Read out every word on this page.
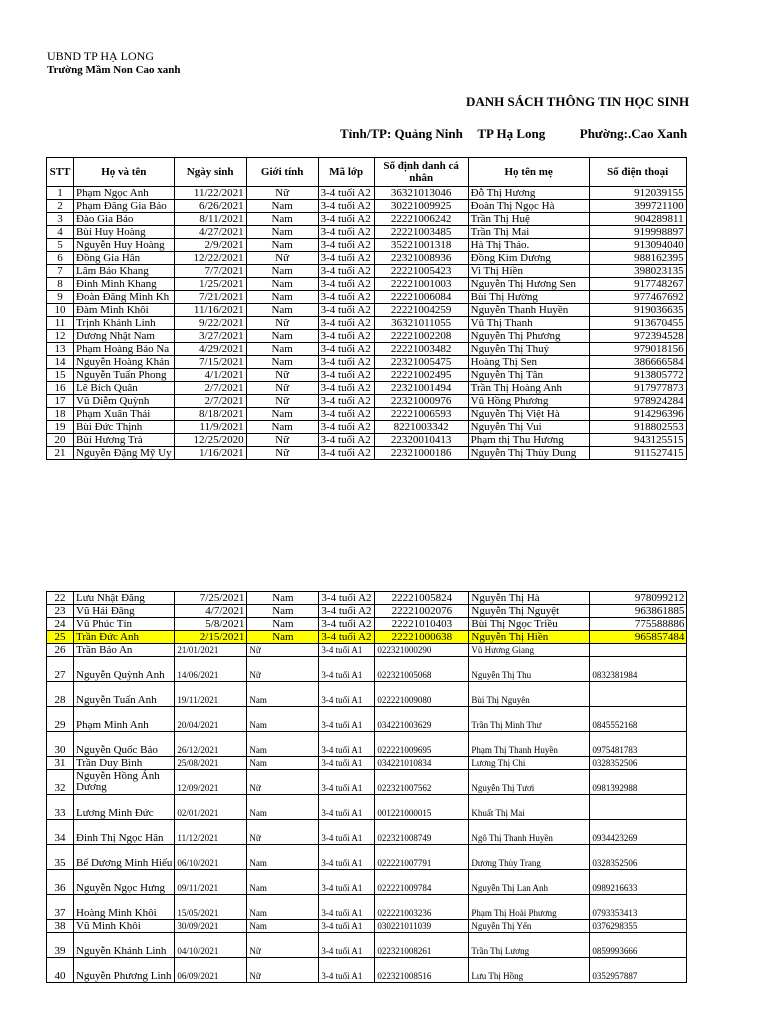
UBND TP HẠ LONG
Trường Mầm Non Cao xanh
DANH SÁCH THÔNG TIN HỌC SINH
Tỉnh/TP: Quảng Ninh TP Hạ Long	Phường:.Cao Xanh
STT	Họ và tên	Ngày sinh	Giới tính	Mã lớp	Số định danh cá nhân	Họ tên mẹ	Số điện thoại
1	Phạm Ngọc Anh	11/22/2021	Nữ	3-4 tuổi A2	36321013046	Đỗ Thị Hương	912039155
2	Phạm Đăng Gia Bảo	6/26/2021	Nam	3-4 tuổi A2	30221009925	Đoàn Thị Ngọc Hà	399721100
3	Đào Gia Bảo	8/11/2021	Nam	3-4 tuổi A2	22221006242	Trần Thị Huệ	904289811
4	Bùi Huy Hoàng	4/27/2021	Nam	3-4 tuổi A2	22221003485	Trần Thị Mai	919998897
5	Nguyễn Huy Hoàng	2/9/2021	Nam	3-4 tuổi A2	35221001318	Hà Thị Thảo.	913094040
6	Đồng Gia Hân	12/22/2021	Nữ	3-4 tuổi A2	22321008936	Đồng Kim Dương	988162395
7	Lâm Bảo Khang	7/7/2021	Nam	3-4 tuổi A2	22221005423	Vi Thị Hiền	398023135
8	Đinh Minh Khang	1/25/2021	Nam	3-4 tuổi A2	22221001003	Nguyễn Thị Hương Sen	917748267
9	Đoàn Đăng Minh Kh	7/21/2021	Nam	3-4 tuổi A2	22221006084	Bùi Thị Hường	977467692
10	Đàm Minh Khôi	11/16/2021	Nam	3-4 tuổi A2	22221004259	Nguyễn Thanh Huyền	919036635
11	Trịnh Khánh Linh	9/22/2021	Nữ	3-4 tuổi A2	36321011055	Vũ Thị Thanh	913670455
12	Dương Nhật Nam	3/27/2021	Nam	3-4 tuổi A2	22221002208	Nguyễn Thị Phương	972394528
13	Phạm Hoàng Bảo Na	4/29/2021	Nam	3-4 tuổi A2	22221003482	Nguyễn Thị Thuỷ	979018156
14	Nguyễn Hoàng Khán	7/15/2021	Nam	3-4 tuổi A2	22321005475	Hoàng Thị Sen	386666584
15	Nguyễn Tuấn Phong	4/1/2021	Nữ	3-4 tuổi A2	22221002495	Nguyễn Thị Tân	913805772
16	Lê Bích Quân	2/7/2021	Nữ	3-4 tuổi A2	22321001494	Trần Thị Hoàng Anh	917977873
17	Vũ Diễm Quỳnh	2/7/2021	Nữ	3-4 tuổi A2	22321000976	Vũ Hồng Phương	978924284
18	Phạm Xuân Thái	8/18/2021	Nam	3-4 tuổi A2	22221006593	Nguyễn Thị Việt Hà	914296396
19	Bùi Đức Thịnh	11/9/2021	Nam	3-4 tuổi A2	8221003342	Nguyễn Thị Vui	918802553
20	Bùi Hương Trà	12/25/2020	Nữ	3-4 tuổi A2	22320010413	Phạm thị Thu Hương	943125515
21	Nguyễn Đặng Mỹ Uy	1/16/2021	Nữ	3-4 tuổi A2	22321000186	Nguyễn Thị Thùy Dung	911527415
22	Lưu Nhật Đăng	7/25/2021	Nam	3-4 tuổi A2	22221005824	Nguyễn Thị Hà	978099212
23	Vũ Hải Đăng	4/7/2021	Nam	3-4 tuổi A2	22221002076	Nguyễn Thị Nguyệt	963861885
24	Vũ Phúc Tín	5/8/2021	Nam	3-4 tuổi A2	22221010403	Bùi Thị Ngọc Triều	775588886
25	Trần Đức Anh	2/15/2021	Nam	3-4 tuổi A2	22221000638	Nguyễn Thị Hiền	965857484
26	Trần Bảo An	21/01/2021	Nữ	3-4 tuổi A1	022321000290	Vũ Hương Giang	
27	Nguyễn Quỳnh Anh	14/06/2021	Nữ	3-4 tuổi A1	022321005068	Nguyễn Thị Thu	0832381984
28	Nguyễn Tuấn Anh	19/11/2021	Nam	3-4 tuổi A1	022221009080	Bùi Thị Nguyên	
29	Phạm Minh Anh	20/04/2021	Nam	3-4 tuổi A1	034221003629	Trần Thị Minh Thư	0845552168
30	Nguyễn Quốc Bảo	26/12/2021	Nam	3-4 tuổi A1	022221009695	Phạm Thị Thanh Huyền	0975481783
31	Trần Duy Bình	25/08/2021	Nam	3-4 tuổi A1	034221010834	Lương Thị Chi	0328352506
32	Nguyễn Hồng Ánh Dương	12/09/2021	Nữ	3-4 tuổi A1	022321007562	Nguyễn Thị Tươi	0981392988
33	Lương Minh Đức	02/01/2021	Nam	3-4 tuổi A1	001221000015	Khuất Thị Mai	
34	Đinh Thị Ngọc Hân	11/12/2021	Nữ	3-4 tuổi A1	022321008749	Ngô Thị Thanh Huyền	0934423269
35	Bế Dương Minh Hiếu	06/10/2021	Nam	3-4 tuổi A1	022221007791	Dương Thùy Trang	0328352506
36	Nguyễn Ngọc Hưng	09/11/2021	Nam	3-4 tuổi A1	022221009784	Nguyễn Thị Lan Anh	0989216633
37	Hoàng Minh Khôi	15/05/2021	Nam	3-4 tuổi A1	022221003236	Phạm Thị Hoài Phương	0793353413
38	Vũ Minh Khôi	30/09/2021	Nam	3-4 tuổi A1	030221011039	Nguyễn Thị Yến	0376298355
39	Nguyễn Khánh Linh	04/10/2021	Nữ	3-4 tuổi A1	022321008261	Trần Thị Lương	0859993666
40	Nguyễn Phương Linh	06/09/2021	Nữ	3-4 tuổi A1	022321008516	Lưu Thị Hồng	0352957887
